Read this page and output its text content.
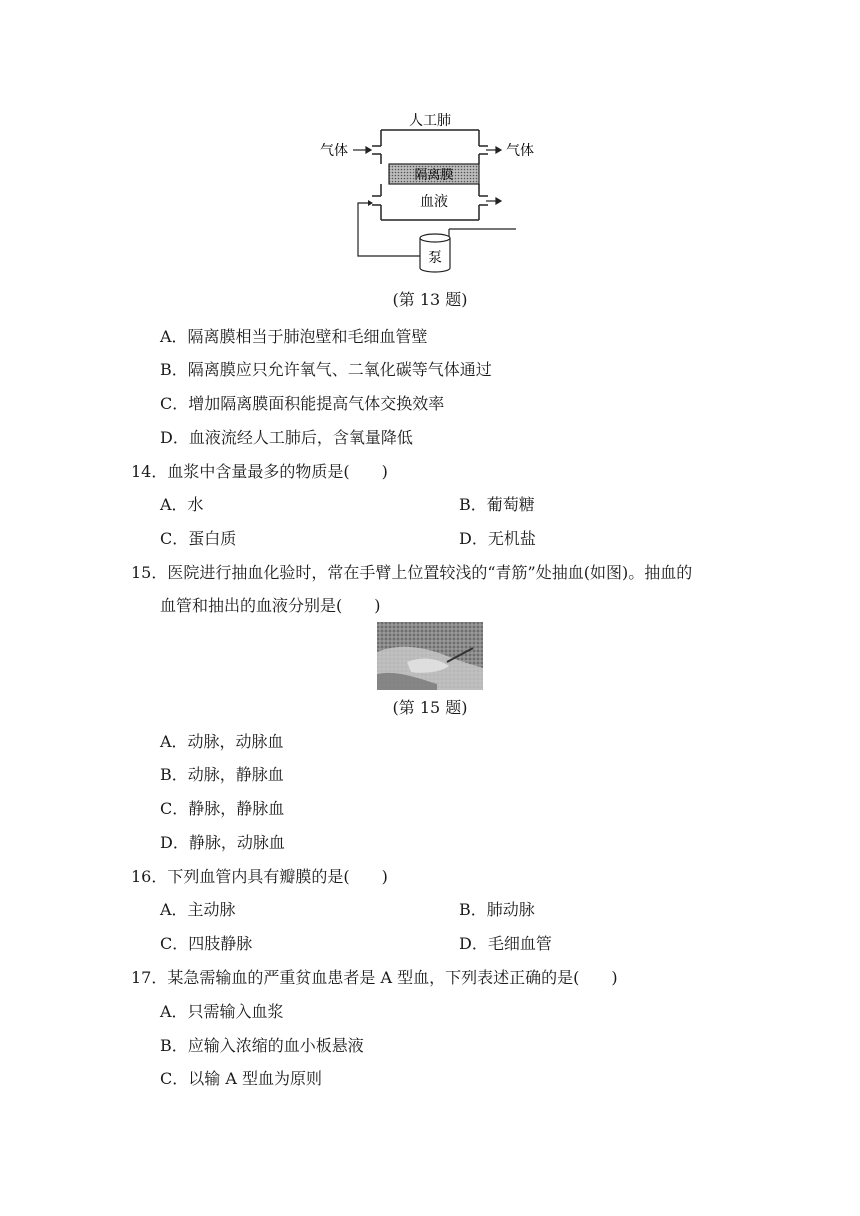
隔离膜
人工肺
气体	气体
血液
泵
(第 13 题)
A．隔离膜相当于肺泡壁和毛细血管壁
B．隔离膜应只允许氧气、二氧化碳等气体通过
C．增加隔离膜面积能提高气体交换效率
D．血液流经人工肺后，含氧量降低
14．血浆中含量最多的物质是(　　)
A．水	B．葡萄糖
C．蛋白质	D．无机盐
15．医院进行抽血化验时，常在手臂上位置较浅的“青筋”处抽血(如图)。抽血的
血管和抽出的血液分别是(　　)
(第 15 题)
A．动脉，动脉血
B．动脉，静脉血
C．静脉，静脉血
D．静脉，动脉血
16．下列血管内具有瓣膜的是(　　)
A．主动脉	B．肺动脉
C．四肢静脉	D．毛细血管
17．某急需输血的严重贫血患者是 A 型血，下列表述正确的是(　　)
A．只需输入血浆
B．应输入浓缩的血小板悬液
C．以输 A 型血为原则
